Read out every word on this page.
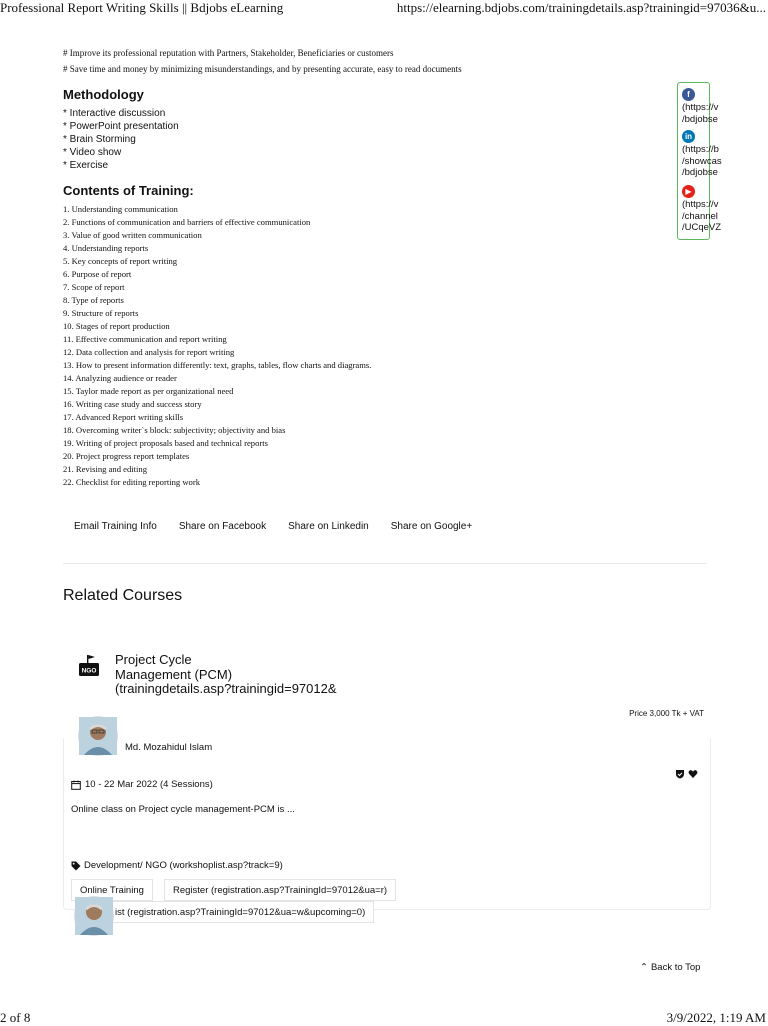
Professional Report Writing Skills || Bdjobs eLearning	https://elearning.bdjobs.com/trainingdetails.asp?trainingid=97036&u...
# Improve its professional reputation with Partners, Stakeholder, Beneficiaries or customers
# Save time and money by minimizing misunderstandings, and by presenting accurate, easy to read documents
Methodology
* Interactive discussion
* PowerPoint presentation
* Brain Storming
* Video show
* Exercise
Contents of Training:
1. Understanding communication
2. Functions of communication and barriers of effective communication
3. Value of good written communication
4. Understanding reports
5. Key concepts of report writing
6. Purpose of report
7. Scope of report
8. Type of reports
9. Structure of reports
10. Stages of report production
11. Effective communication and report writing
12. Data collection and analysis for report writing
13. How to present information differently: text, graphs, tables, flow charts and diagrams.
14. Analyzing audience or reader
15. Taylor made report as per organizational need
16. Writing case study and success story
17. Advanced Report writing skills
18. Overcoming writer`s block: subjectivity; objectivity and bias
19. Writing of project proposals based and technical reports
20. Project progress report templates
21. Revising and editing
22. Checklist for editing reporting work
f
(https://v
/bdjobse
in
(https://b
/showcas
/bdjobse
▶
(https://v
/channel
/UCqeVZ
Email Training Info	Share on Facebook	Share on Linkedin	Share on Google+
Related Courses
NGO
Project Cycle
Management (PCM)
(trainingdetails.asp?trainingid=97012&
Price 3,000 Tk + VAT
Md. Mozahidul Islam
10 - 22 Mar 2022 (4 Sessions)
Online class on Project cycle management-PCM is ...
Development/ NGO (workshoplist.asp?track=9)
Online Training	Register (registration.asp?TrainingId=97012&ua=r)
ist (registration.asp?TrainingId=97012&ua=w&upcoming=0)
⌃ Back to Top
2 of 8	3/9/2022, 1:19 AM
